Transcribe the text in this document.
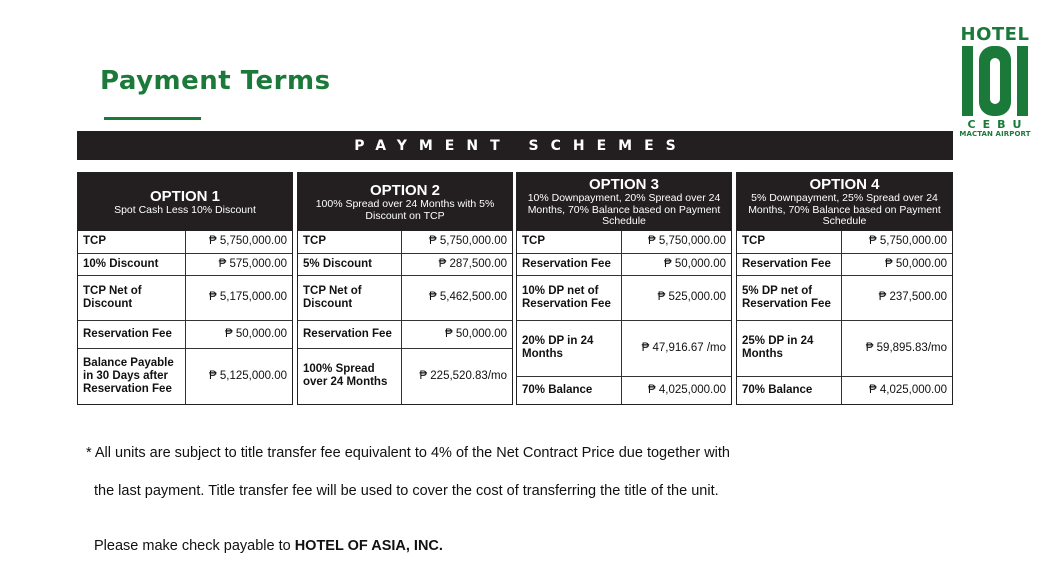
Payment Terms
HOTEL
CEBU
MACTAN AIRPORT
PAYMENT SCHEMES
OPTION 1
Spot Cash Less 10% Discount
TCP	₱ 5,750,000.00
10% Discount	₱ 575,000.00
TCP Net of Discount	₱ 5,175,000.00
Reservation Fee	₱ 50,000.00
Balance Payable in 30 Days after Reservation Fee	₱ 5,125,000.00
OPTION 2
100% Spread over 24 Months with 5% Discount on TCP
TCP	₱ 5,750,000.00
5% Discount	₱ 287,500.00
TCP Net of Discount	₱ 5,462,500.00
Reservation Fee	₱ 50,000.00
100% Spread over 24 Months	₱ 225,520.83/mo
OPTION 3
10% Downpayment, 20% Spread over 24 Months, 70% Balance based on Payment Schedule
TCP	₱ 5,750,000.00
Reservation Fee	₱ 50,000.00
10% DP net of Reservation Fee	₱ 525,000.00
20% DP in 24 Months	₱ 47,916.67 /mo
70% Balance	₱ 4,025,000.00
OPTION 4
5% Downpayment, 25% Spread over 24 Months, 70% Balance based on Payment Schedule
TCP	₱ 5,750,000.00
Reservation Fee	₱ 50,000.00
5% DP net of Reservation Fee	₱ 237,500.00
25% DP in 24 Months	₱ 59,895.83/mo
70% Balance	₱ 4,025,000.00

* All units are subject to title transfer fee equivalent to 4% of the Net Contract Price due together with

the last payment. Title transfer fee will be used to cover the cost of transferring the title of the unit.

Please make check payable to HOTEL OF ASIA, INC.
